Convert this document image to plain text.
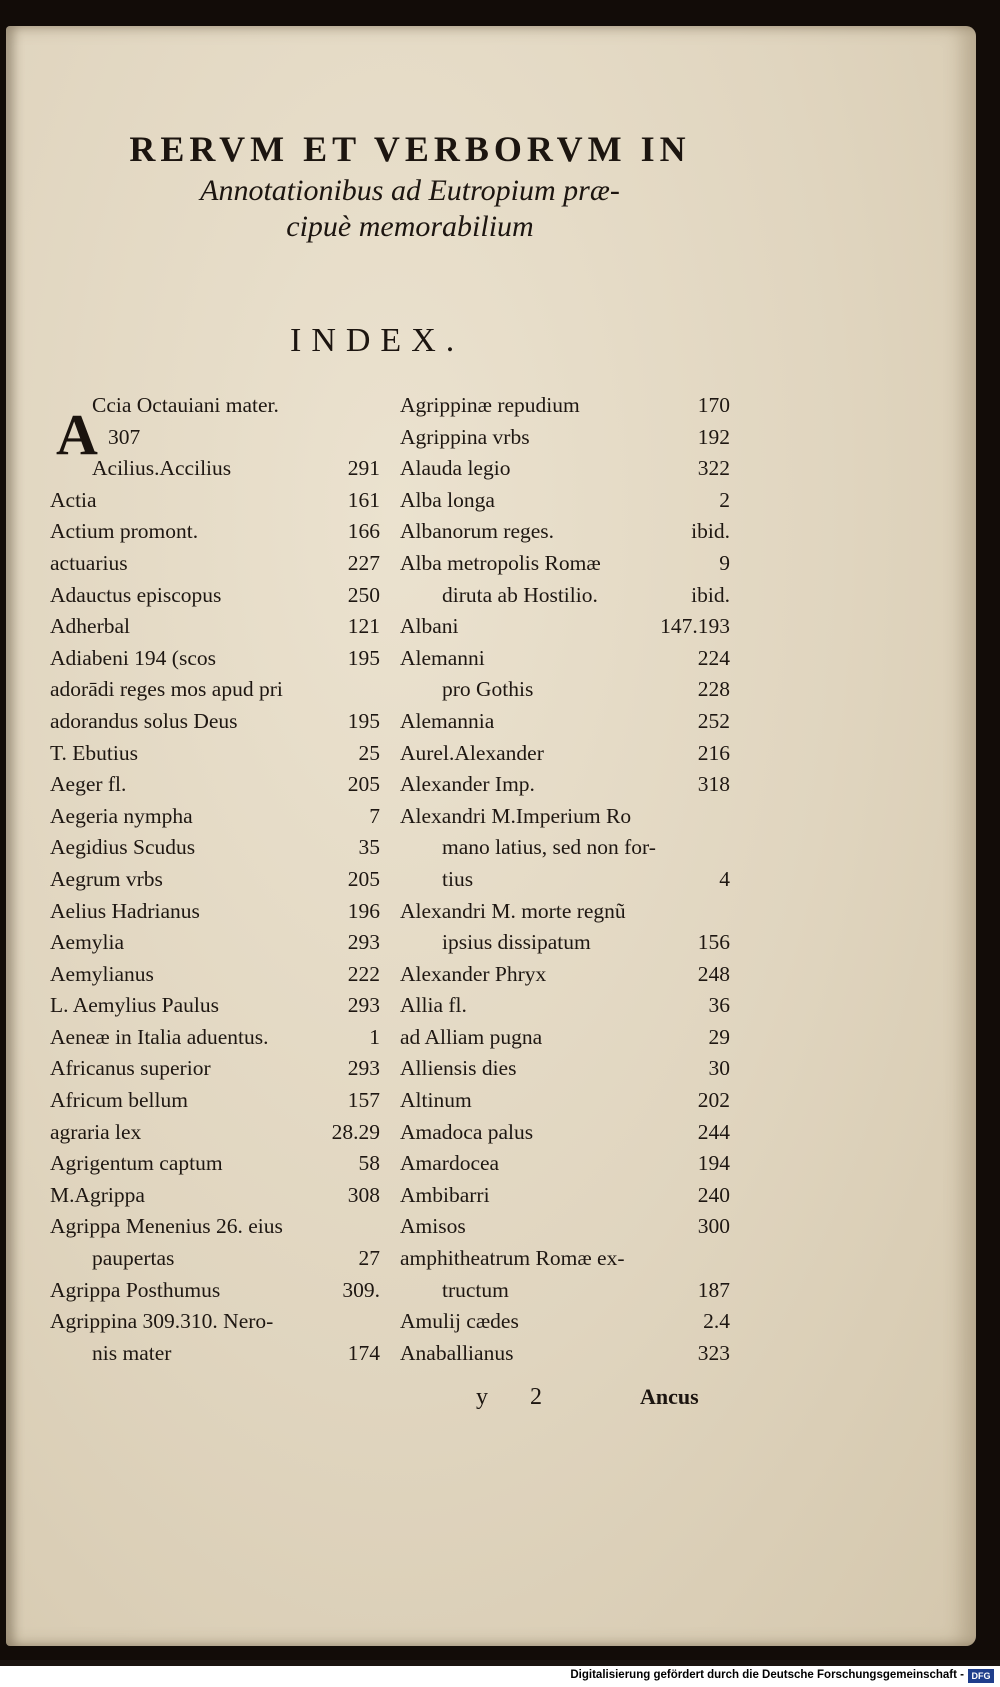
RERVM ET VERBORVM IN
Annotationibus ad Eutropium præ-
cipuè memorabilium
INDEX.
A
Ccia Octauiani mater.
307
Acilius.Accilius	291
Actia	161
Actium promont.	166
actuarius	227
Adauctus episcopus	250
Adherbal	121
Adiabeni 194 (scos	195
adorādi reges mos apud pri
adorandus solus Deus	195
T. Ebutius	25
Aeger fl.	205
Aegeria nympha	7
Aegidius Scudus	35
Aegrum vrbs	205
Aelius Hadrianus	196
Aemylia	293
Aemylianus	222
L. Aemylius Paulus	293
Aeneæ in Italia aduentus.	1
Africanus superior	293
Africum bellum	157
agraria lex	28.29
Agrigentum captum	58
M.Agrippa	308
Agrippa Menenius 26. eius
paupertas	27
Agrippa Posthumus	309.
Agrippina 309.310. Nero-
nis mater	174
Agrippinæ repudium	170
Agrippina vrbs	192
Alauda legio	322
Alba longa	2
Albanorum reges.	ibid.
Alba metropolis Romæ	9
diruta ab Hostilio.	ibid.
Albani	147.193
Alemanni	224
pro Gothis	228
Alemannia	252
Aurel.Alexander	216
Alexander Imp.	318
Alexandri M.Imperium Ro
mano latius, sed non for-
tius	4
Alexandri M. morte regnũ
ipsius dissipatum	156
Alexander Phryx	248
Allia fl.	36
ad Alliam pugna	29
Alliensis dies	30
Altinum	202
Amadoca palus	244
Amardocea	194
Ambibarri	240
Amisos	300
amphitheatrum Romæ ex-
tructum	187
Amulij cædes	2.4
Anaballianus	323
y 2	Ancus
Digitalisierung gefördert durch die Deutsche Forschungsgemeinschaft - DFG
